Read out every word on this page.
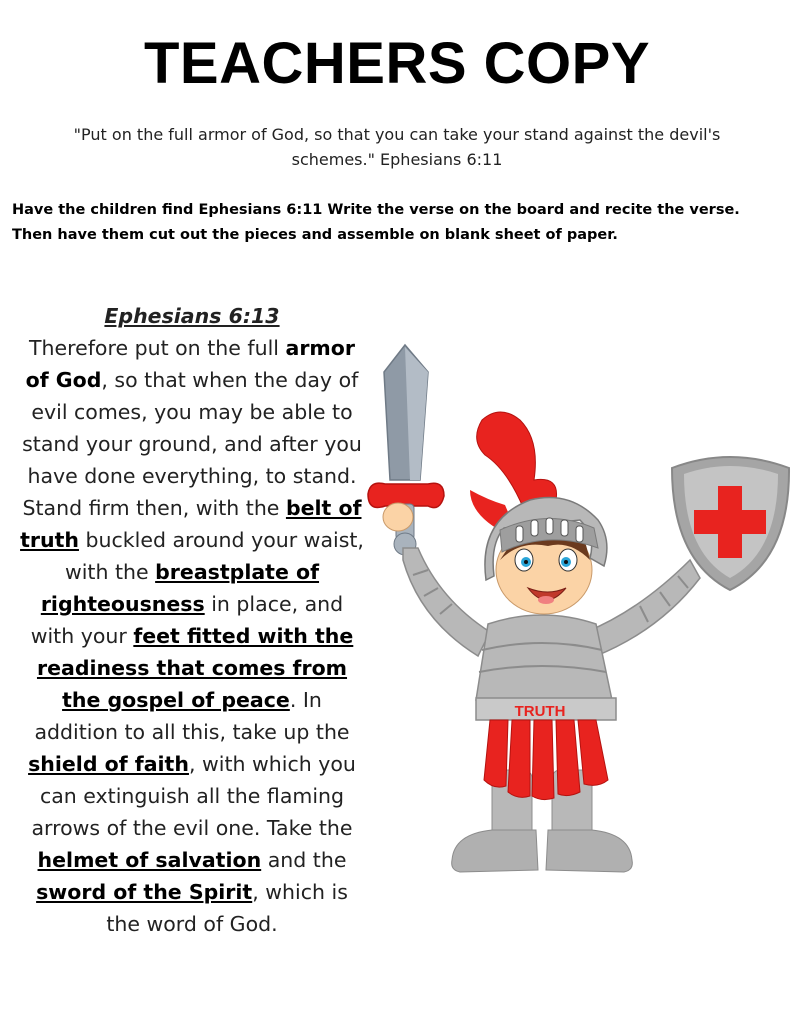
TEACHERS COPY
"Put on the full armor of God, so that you can take your stand against the devil's schemes." Ephesians 6:11
Have the children find Ephesians 6:11 Write the verse on the board and recite the verse.
Then have them cut out the pieces and assemble on blank sheet of paper.
Ephesians 6:13
Therefore put on the full armor of God, so that when the day of evil comes, you may be able to stand your ground, and after you have done everything, to stand. Stand firm then, with the belt of truth buckled around your waist, with the breastplate of righteousness in place, and with your feet fitted with the readiness that comes from the gospel of peace. In addition to all this, take up the shield of faith, with which you can extinguish all the flaming arrows of the evil one. Take the helmet of salvation and the sword of the Spirit, which is the word of God.
TRUTH
